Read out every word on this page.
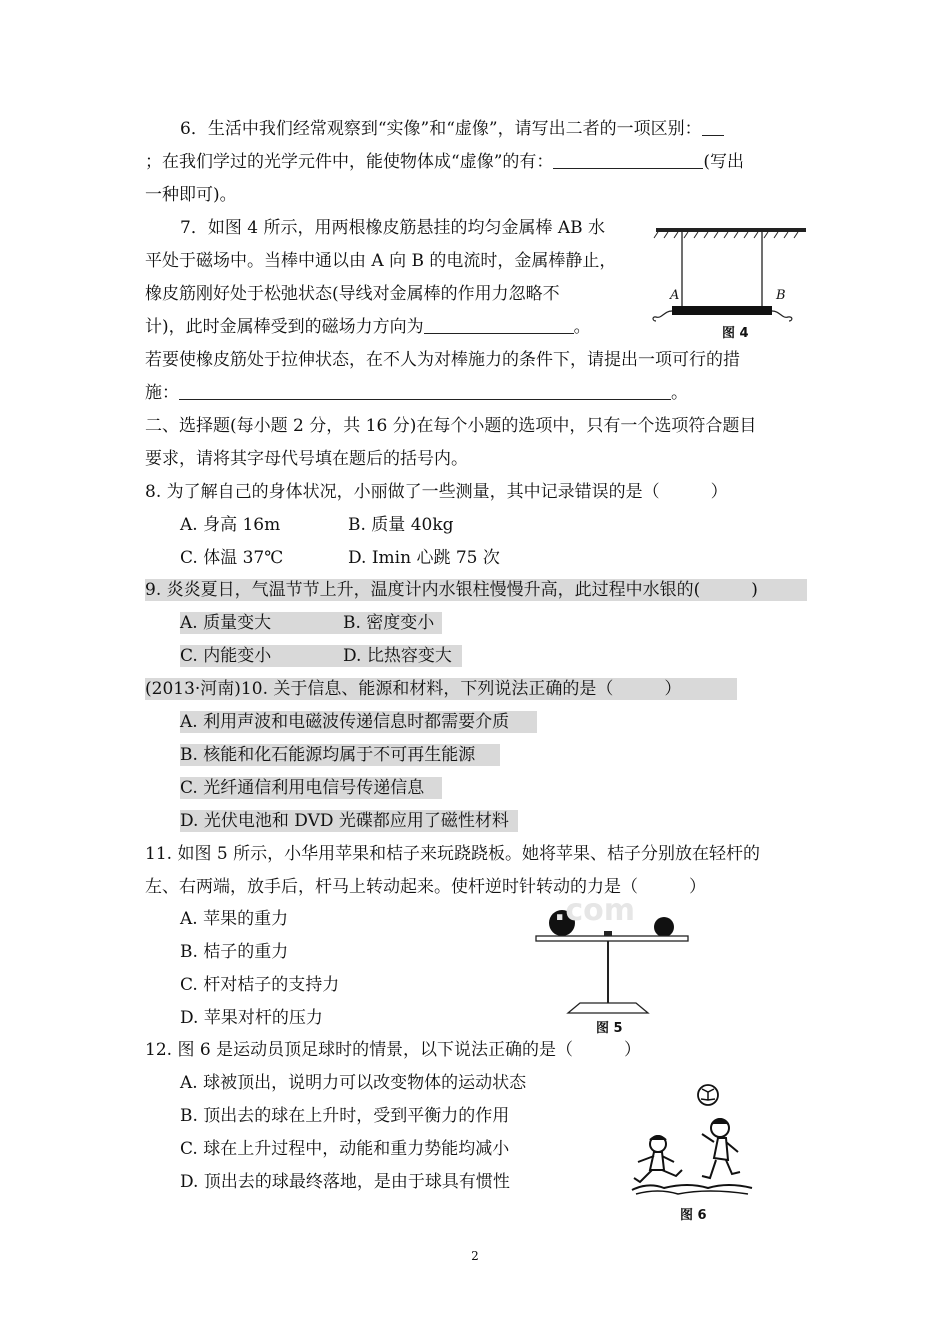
6．生活中我们经常观察到“实像”和“虚像”，请写出二者的一项区别：
；在我们学过的光学元件中，能使物体成“虚像”的有：	(写出
一种即可)。
7．如图 4 所示，用两根橡皮筋悬挂的均匀金属棒 AB 水
平处于磁场中。当棒中通以由 A 向 B 的电流时，金属棒静止，
橡皮筋刚好处于松弛状态(导线对金属棒的作用力忽略不
计)，此时金属棒受到的磁场力方向为	。
若要使橡皮筋处于拉伸状态，在不人为对棒施力的条件下，请提出一项可行的措
施：	。
A	B
图 4
二、选择题(每小题 2 分，共 16 分)在每个小题的选项中，只有一个选项符合题目
要求，请将其字母代号填在题后的括号内。
8. 为了解自己的身体状况，小丽做了一些测量，其中记录错误的是（　　　）
A. 身高 16m	B. 质量 40kg
C. 体温 37℃	D. Imin 心跳 75 次
9. 炎炎夏日，气温节节上升，温度计内水银柱慢慢升高，此过程中水银的(　　　)
A. 质量变大	B. 密度变小
C. 内能变小	D. 比热容变大
(2013·河南)10. 关于信息、能源和材料，下列说法正确的是（　　　）
A. 利用声波和电磁波传递信息时都需要介质
B. 核能和化石能源均属于不可再生能源
C. 光纤通信利用电信号传递信息
D. 光伏电池和 DVD 光碟都应用了磁性材料
11. 如图 5 所示，小华用苹果和桔子来玩跷跷板。她将苹果、桔子分别放在轻杆的
左、右两端，放手后，杆马上转动起来。使杆逆时针转动的力是（　　　）
A. 苹果的重力
B. 桔子的重力
C. 杆对桔子的支持力
D. 苹果对杆的压力
.com
图 5
12. 图 6 是运动员顶足球时的情景，以下说法正确的是（　　　）
A. 球被顶出，说明力可以改变物体的运动状态
B. 顶出去的球在上升时，受到平衡力的作用
C. 球在上升过程中，动能和重力势能均减小
D. 顶出去的球最终落地，是由于球具有惯性
图 6
2
